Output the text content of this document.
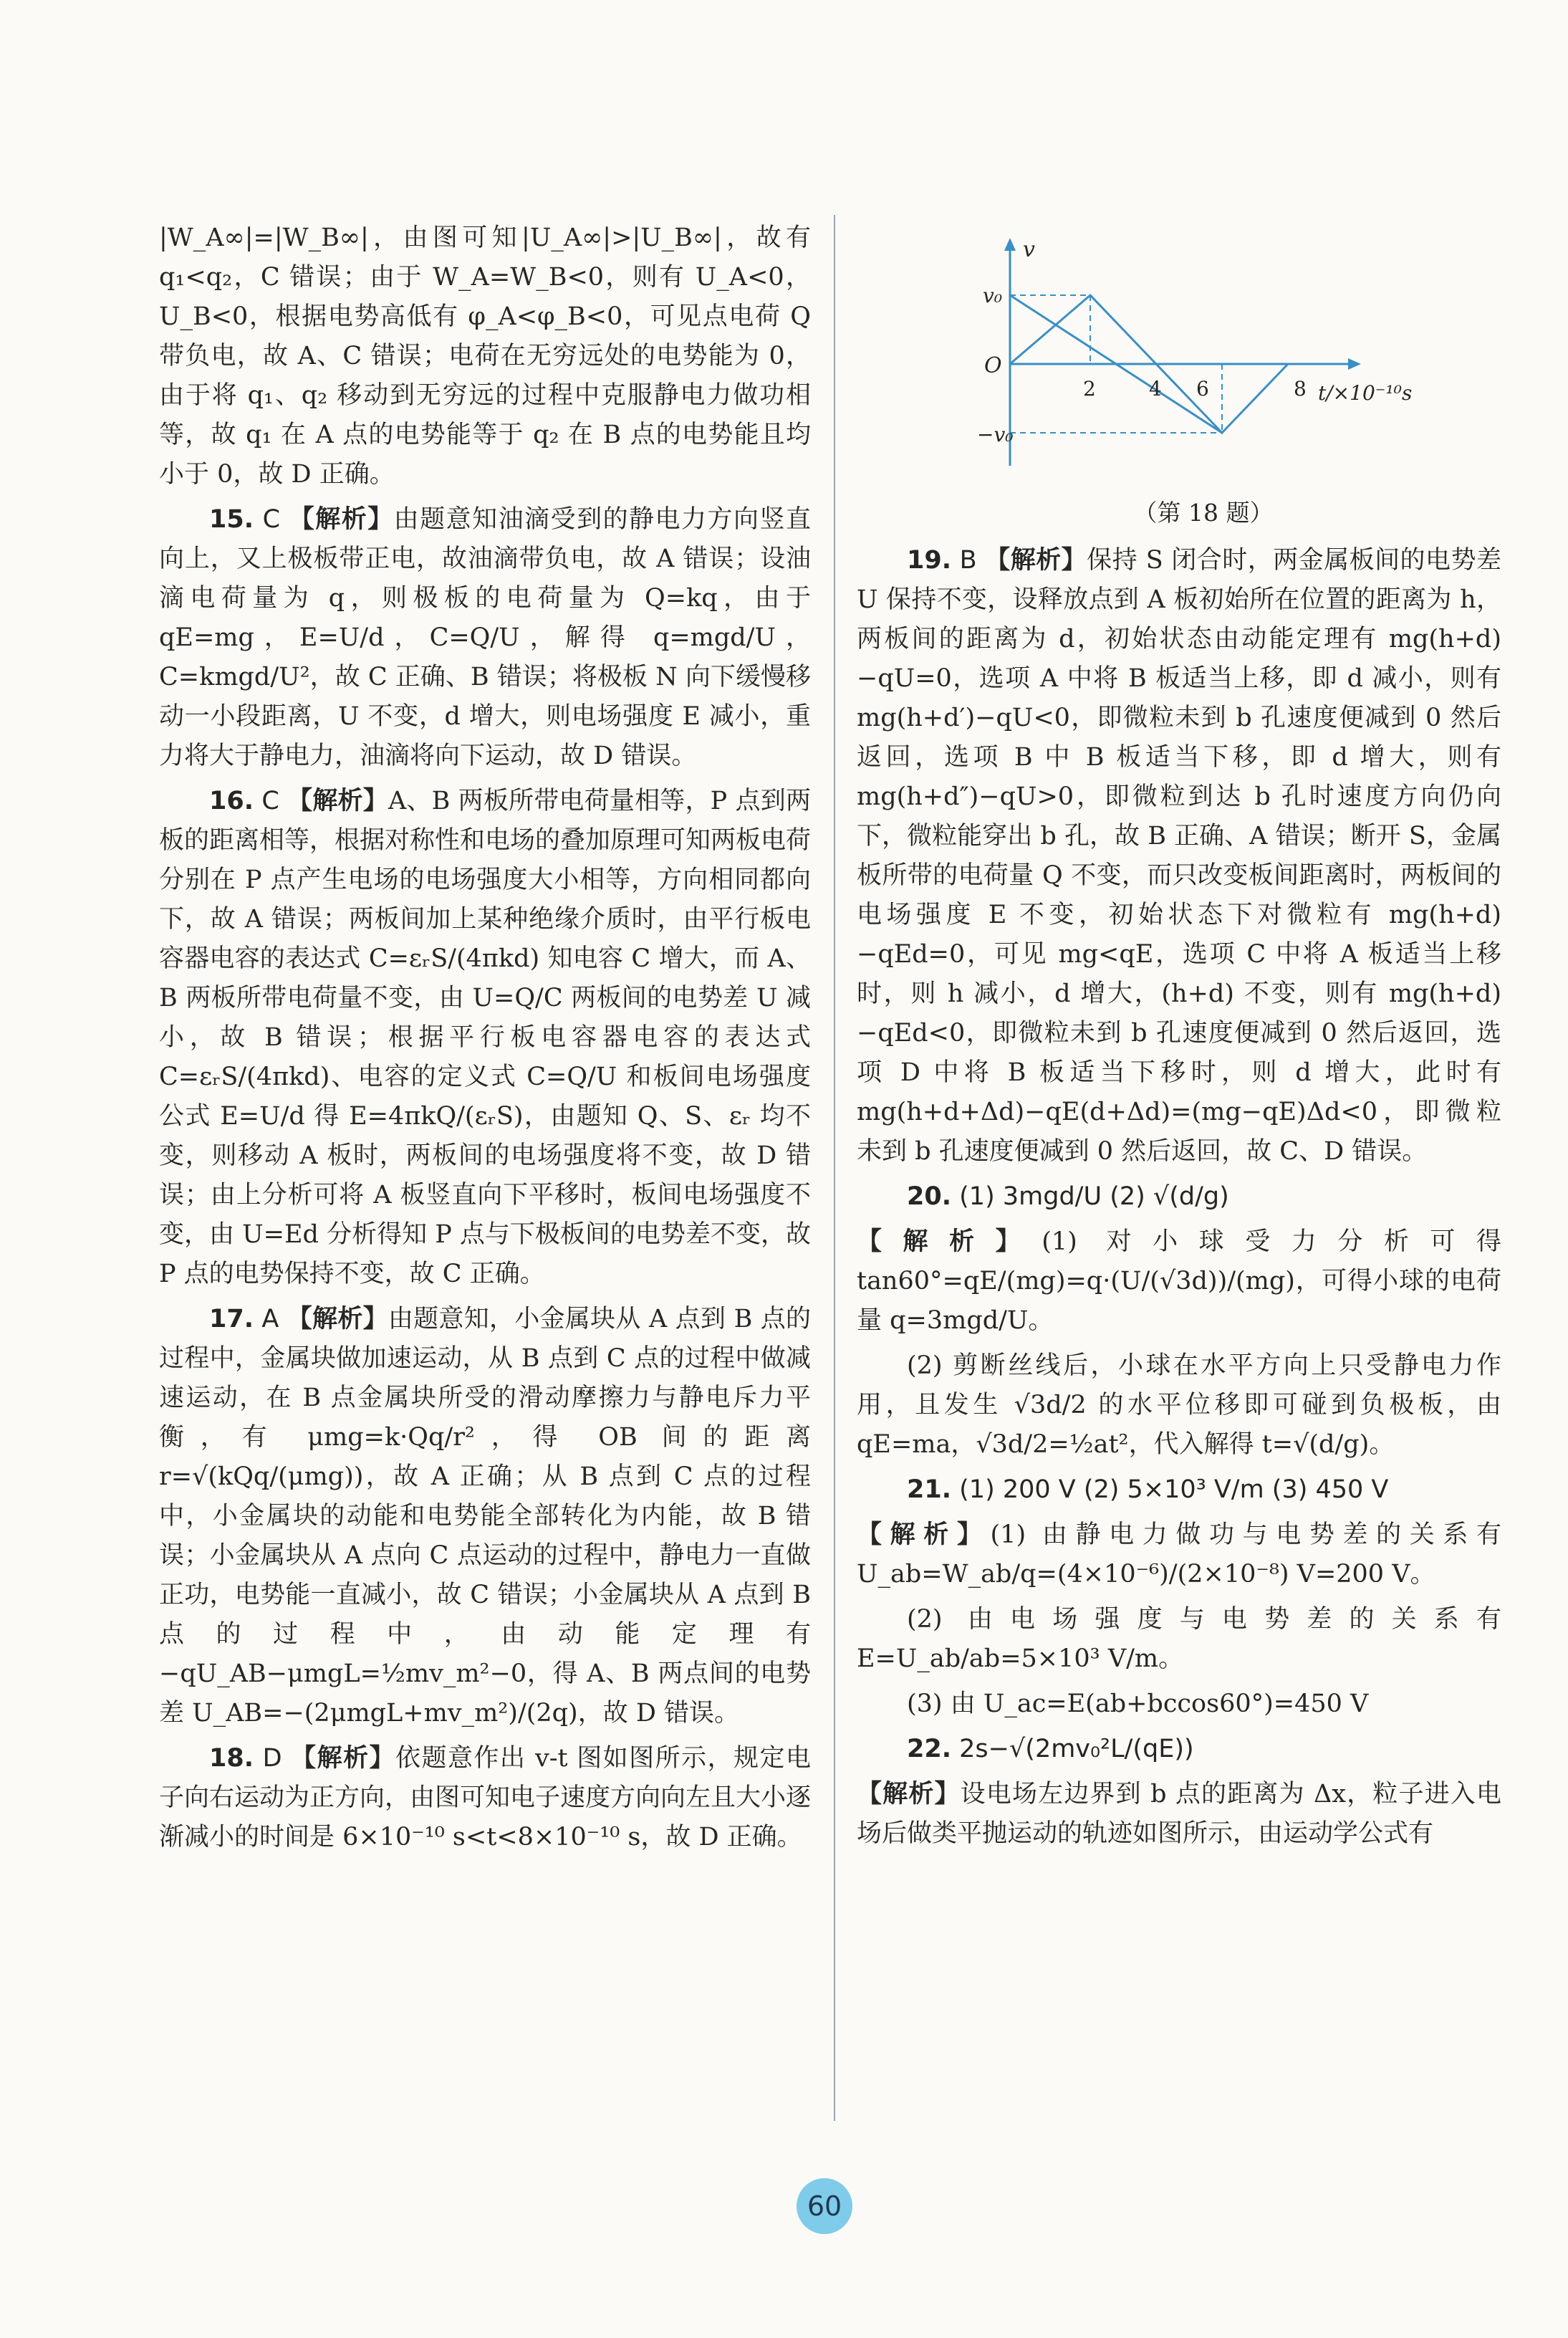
|W_A∞|=|W_B∞|，由图可知|U_A∞|>|U_B∞|，故有 q₁<q₂，C 错误；由于 W_A=W_B<0，则有 U_A<0，U_B<0，根据电势高低有 φ_A<φ_B<0，可见点电荷 Q 带负电，故 A、C 错误；电荷在无穷远处的电势能为 0，由于将 q₁、q₂ 移动到无穷远的过程中克服静电力做功相等，故 q₁ 在 A 点的电势能等于 q₂ 在 B 点的电势能且均小于 0，故 D 正确。

15. C 【解析】由题意知油滴受到的静电力方向竖直向上，又上极板带正电，故油滴带负电，故 A 错误；设油滴电荷量为 q，则极板的电荷量为 Q=kq，由于 qE=mg，E=U/d，C=Q/U，解得 q=mgd/U，C=kmgd/U²，故 C 正确、B 错误；将极板 N 向下缓慢移动一小段距离，U 不变，d 增大，则电场强度 E 减小，重力将大于静电力，油滴将向下运动，故 D 错误。

16. C 【解析】A、B 两板所带电荷量相等，P 点到两板的距离相等，根据对称性和电场的叠加原理可知两板电荷分别在 P 点产生电场的电场强度大小相等，方向相同都向下，故 A 错误；两板间加上某种绝缘介质时，由平行板电容器电容的表达式 C=εᵣS/(4πkd) 知电容 C 增大，而 A、B 两板所带电荷量不变，由 U=Q/C 两板间的电势差 U 减小，故 B 错误；根据平行板电容器电容的表达式 C=εᵣS/(4πkd)、电容的定义式 C=Q/U 和板间电场强度公式 E=U/d 得 E=4πkQ/(εᵣS)，由题知 Q、S、εᵣ 均不变，则移动 A 板时，两板间的电场强度将不变，故 D 错误；由上分析可将 A 板竖直向下平移时，板间电场强度不变，由 U=Ed 分析得知 P 点与下极板间的电势差不变，故 P 点的电势保持不变，故 C 正确。

17. A 【解析】由题意知，小金属块从 A 点到 B 点的过程中，金属块做加速运动，从 B 点到 C 点的过程中做减速运动，在 B 点金属块所受的滑动摩擦力与静电斥力平衡，有 μmg=k·Qq/r²，得 OB 间的距离 r=√(kQq/(μmg))，故 A 正确；从 B 点到 C 点的过程中，小金属块的动能和电势能全部转化为内能，故 B 错误；小金属块从 A 点向 C 点运动的过程中，静电力一直做正功，电势能一直减小，故 C 错误；小金属块从 A 点到 B 点的过程中，由动能定理有 −qU_AB−μmgL=½mv_m²−0，得 A、B 两点间的电势差 U_AB=−(2μmgL+mv_m²)/(2q)，故 D 错误。

18. D 【解析】依题意作出 v-t 图如图所示，规定电子向右运动为正方向，由图可知电子速度方向向左且大小逐渐减小的时间是 6×10⁻¹⁰ s<t<8×10⁻¹⁰ s，故 D 正确。

v
v₀
O
−v₀
2	4 6	8 t/×10⁻¹⁰s
（第 18 题）

19. B 【解析】保持 S 闭合时，两金属板间的电势差 U 保持不变，设释放点到 A 板初始所在位置的距离为 h，两板间的距离为 d，初始状态由动能定理有 mg(h+d)−qU=0，选项 A 中将 B 板适当上移，即 d 减小，则有 mg(h+d′)−qU<0，即微粒未到 b 孔速度便减到 0 然后返回，选项 B 中 B 板适当下移，即 d 增大，则有 mg(h+d″)−qU>0，即微粒到达 b 孔时速度方向仍向下，微粒能穿出 b 孔，故 B 正确、A 错误；断开 S，金属板所带的电荷量 Q 不变，而只改变板间距离时，两板间的电场强度 E 不变，初始状态下对微粒有 mg(h+d)−qEd=0，可见 mg<qE，选项 C 中将 A 板适当上移时，则 h 减小，d 增大，(h+d) 不变，则有 mg(h+d)−qEd<0，即微粒未到 b 孔速度便减到 0 然后返回，选项 D 中将 B 板适当下移时，则 d 增大，此时有 mg(h+d+Δd)−qE(d+Δd)=(mg−qE)Δd<0，即微粒未到 b 孔速度便减到 0 然后返回，故 C、D 错误。

20. (1) 3mgd/U (2) √(d/g)

【解析】(1) 对小球受力分析可得 tan60°=qE/(mg)=q·(U/(√3d))/(mg)，可得小球的电荷量 q=3mgd/U。

(2) 剪断丝线后，小球在水平方向上只受静电力作用，且发生 √3d/2 的水平位移即可碰到负极板，由 qE=ma，√3d/2=½at²，代入解得 t=√(d/g)。

21. (1) 200 V (2) 5×10³ V/m (3) 450 V

【解析】(1) 由静电力做功与电势差的关系有 U_ab=W_ab/q=(4×10⁻⁶)/(2×10⁻⁸) V=200 V。

(2) 由电场强度与电势差的关系有 E=U_ab/ab=5×10³ V/m。

(3) 由 U_ac=E(ab+bccos60°)=450 V

22. 2s−√(2mv₀²L/(qE))

【解析】设电场左边界到 b 点的距离为 Δx，粒子进入电场后做类平抛运动的轨迹如图所示，由运动学公式有

60
